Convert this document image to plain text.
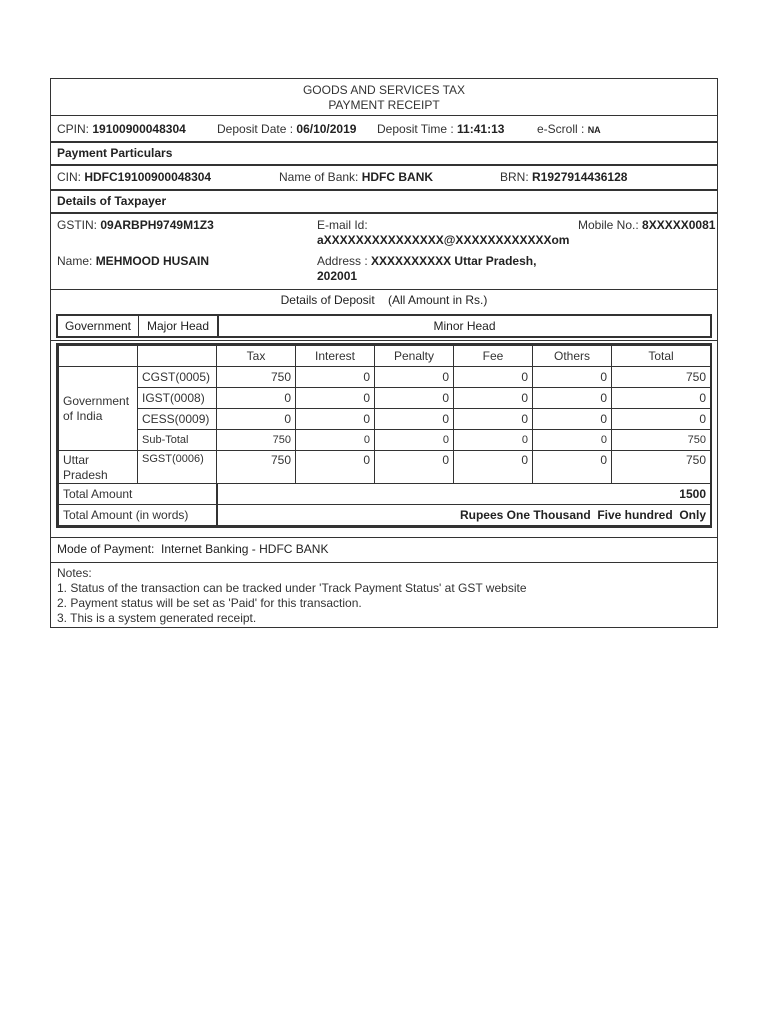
GOODS AND SERVICES TAX
PAYMENT RECEIPT
CPIN: 19100900048304	Deposit Date : 06/10/2019 Deposit Time : 11:41:13	e-Scroll : NA
Payment Particulars
CIN: HDFC19100900048304	Name of Bank: HDFC BANK	BRN: R1927914436128
Details of Taxpayer
GSTIN: 09ARBPH9749M1Z3	E-mail Id:
aXXXXXXXXXXXXXXX@XXXXXXXXXXXXom
Mobile No.: 8XXXXX0081
Name: MEHMOOD HUSAIN	Address : XXXXXXXXXX Uttar Pradesh,
202001
Details of Deposit    (All Amount in Rs.)
Government	Major Head	Minor Head
		Tax	Interest	Penalty	Fee	Others	Total

Government
of India	CGST(0005)	750	0	0	0	0	750
	IGST(0008)	0	0	0	0	0	0
	CESS(0009)	0	0	0	0	0	0
	Sub-Total	750	0	0	0	0	750

Uttar
Pradesh	SGST(0006)	750	0	0	0	0	750
Total Amount		1500					
Total Amount (in words)		Rupees One Thousand  Five hundred  Only					
Mode of Payment:  Internet Banking - HDFC BANK
Notes:
1. Status of the transaction can be tracked under 'Track Payment Status' at GST website
2. Payment status will be set as 'Paid' for this transaction.
3. This is a system generated receipt.
